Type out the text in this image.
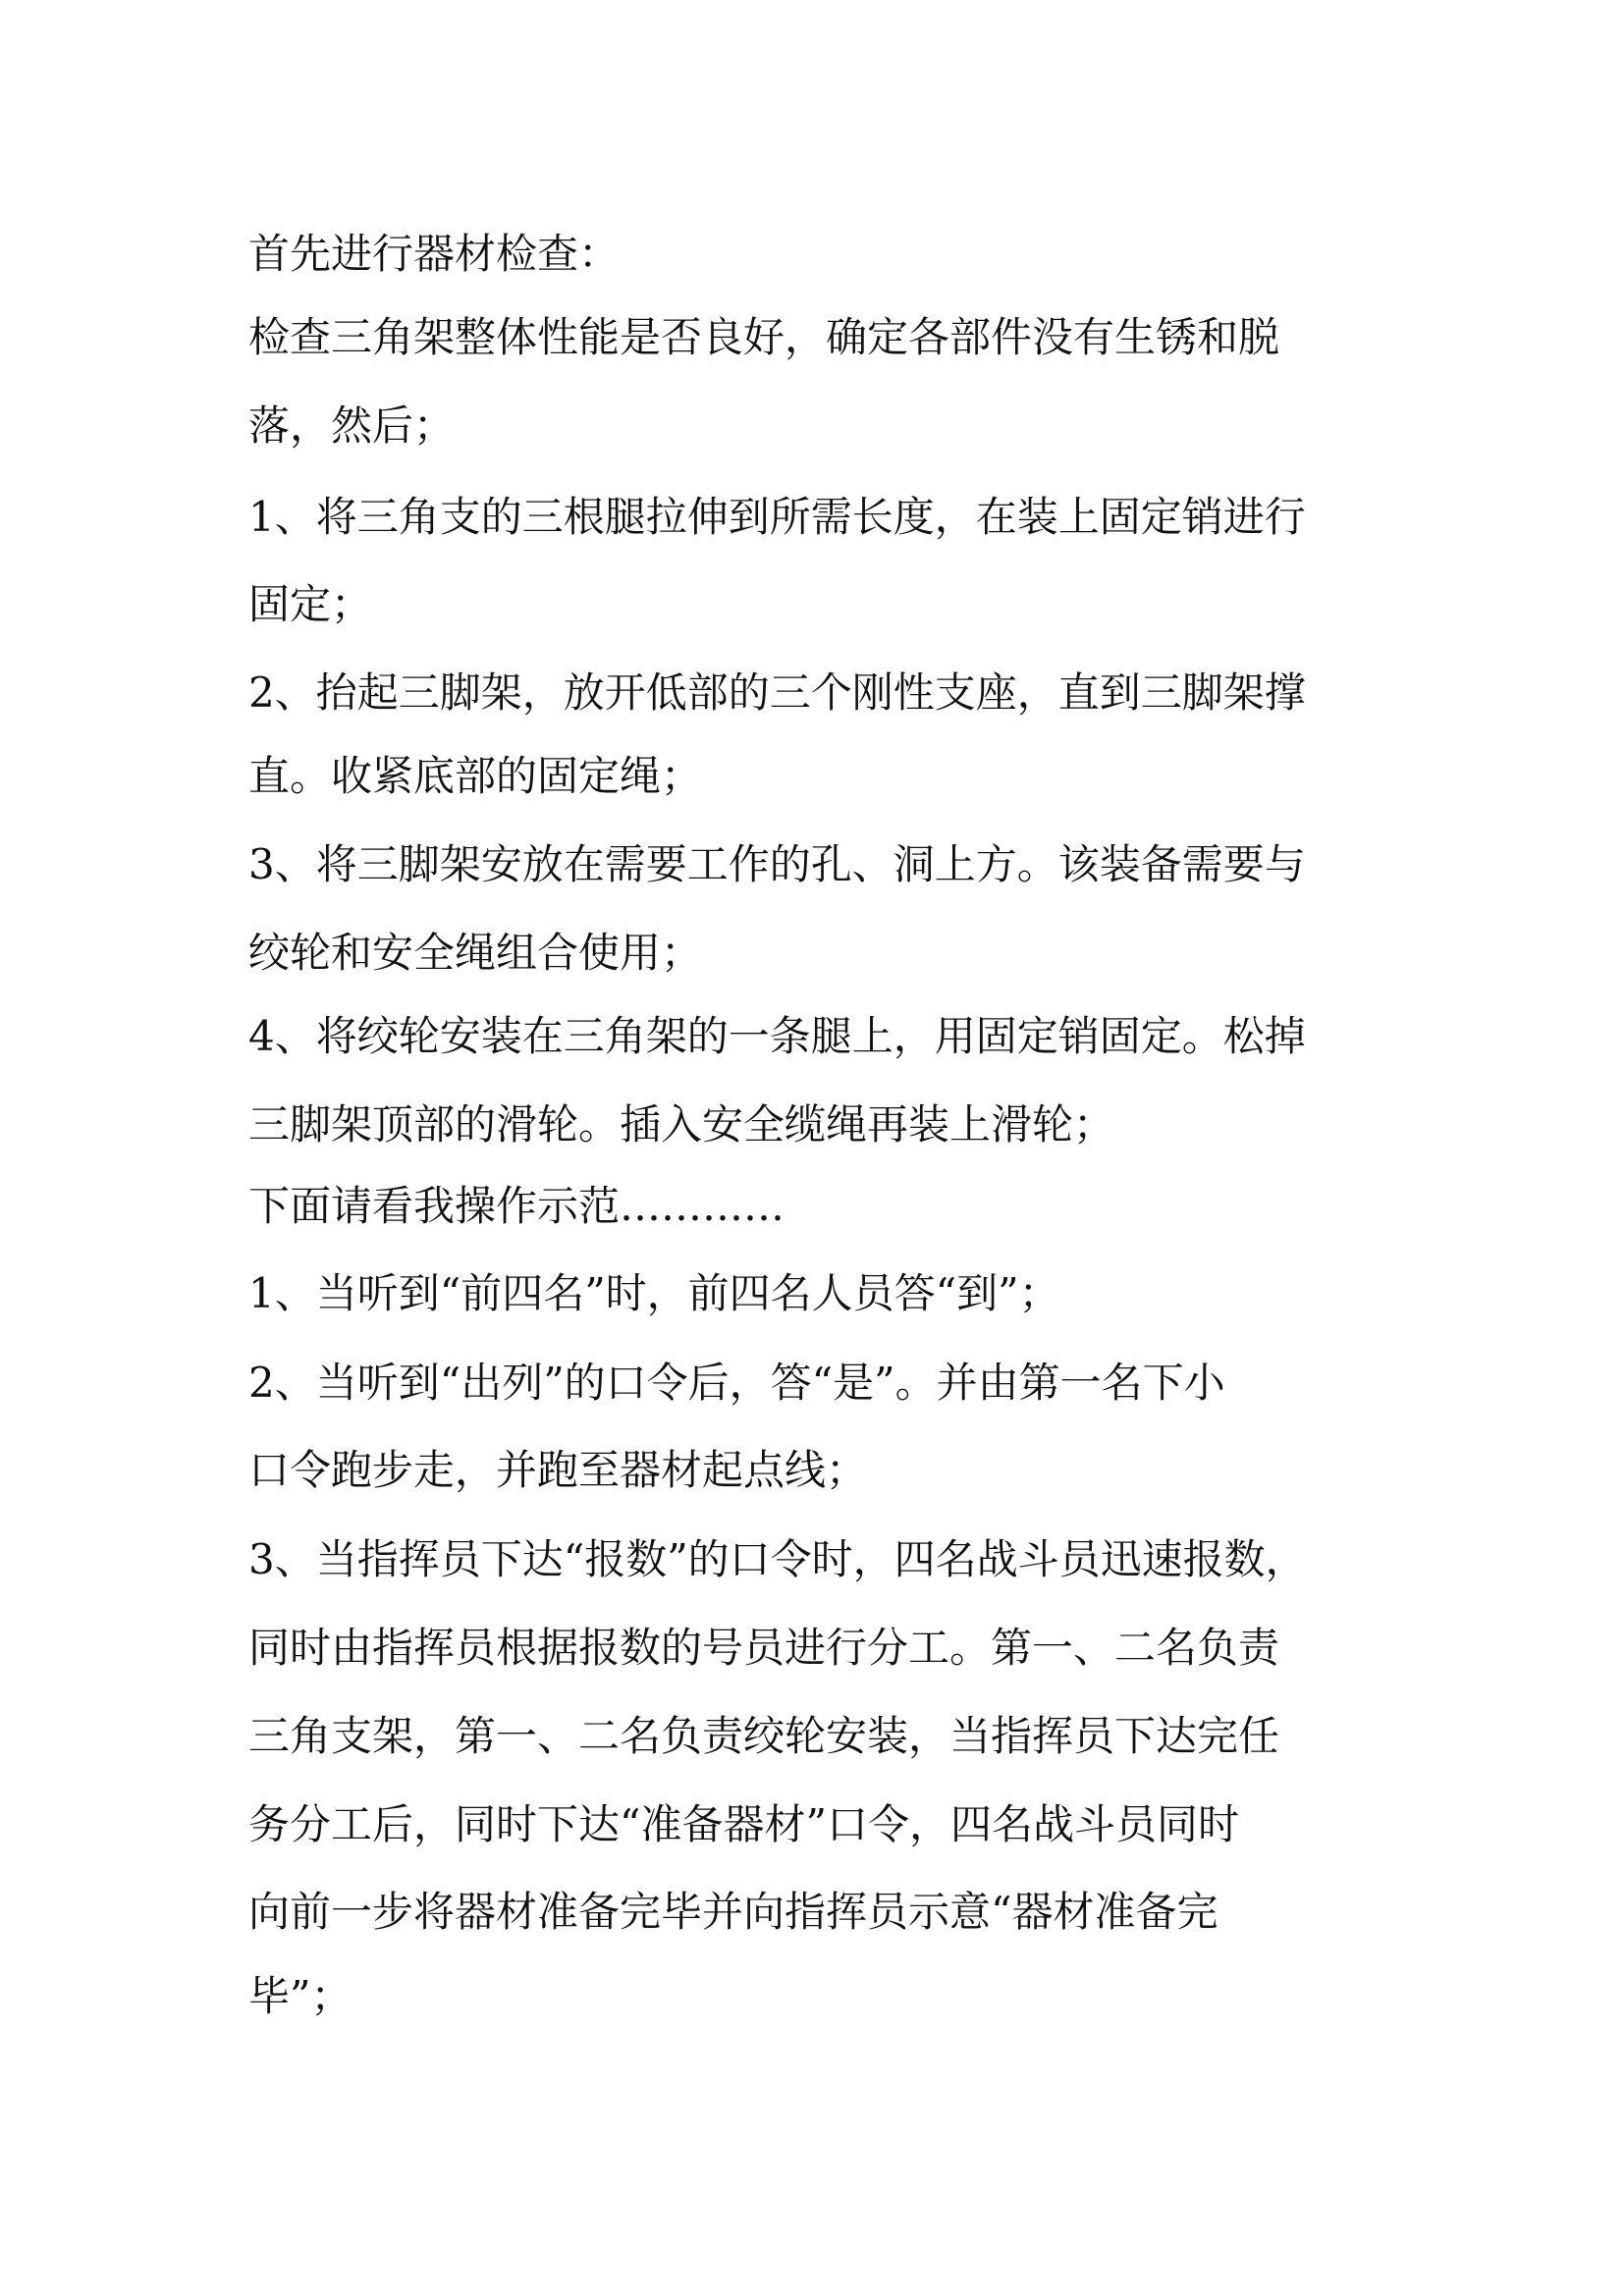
首先进行器材检查：

检查三角架整体性能是否良好，确定各部件没有生锈和脱

落，然后；

1、将三角支的三根腿拉伸到所需长度，在装上固定销进行

固定；

2、抬起三脚架，放开低部的三个刚性支座，直到三脚架撑

直。收紧底部的固定绳；

3、将三脚架安放在需要工作的孔、洞上方。该装备需要与

绞轮和安全绳组合使用；

4、将绞轮安装在三角架的一条腿上，用固定销固定。松掉

三脚架顶部的滑轮。插入安全缆绳再装上滑轮；

下面请看我操作示范…………

1、当听到“前四名”时，前四名人员答“到”；

2、当听到“出列”的口令后，答“是”。并由第一名下小

口令跑步走，并跑至器材起点线；

3、当指挥员下达“报数”的口令时，四名战斗员迅速报数，

同时由指挥员根据报数的号员进行分工。第一、二名负责

三角支架，第一、二名负责绞轮安装，当指挥员下达完任

务分工后，同时下达“准备器材”口令，四名战斗员同时

向前一步将器材准备完毕并向指挥员示意“器材准备完

毕”；
